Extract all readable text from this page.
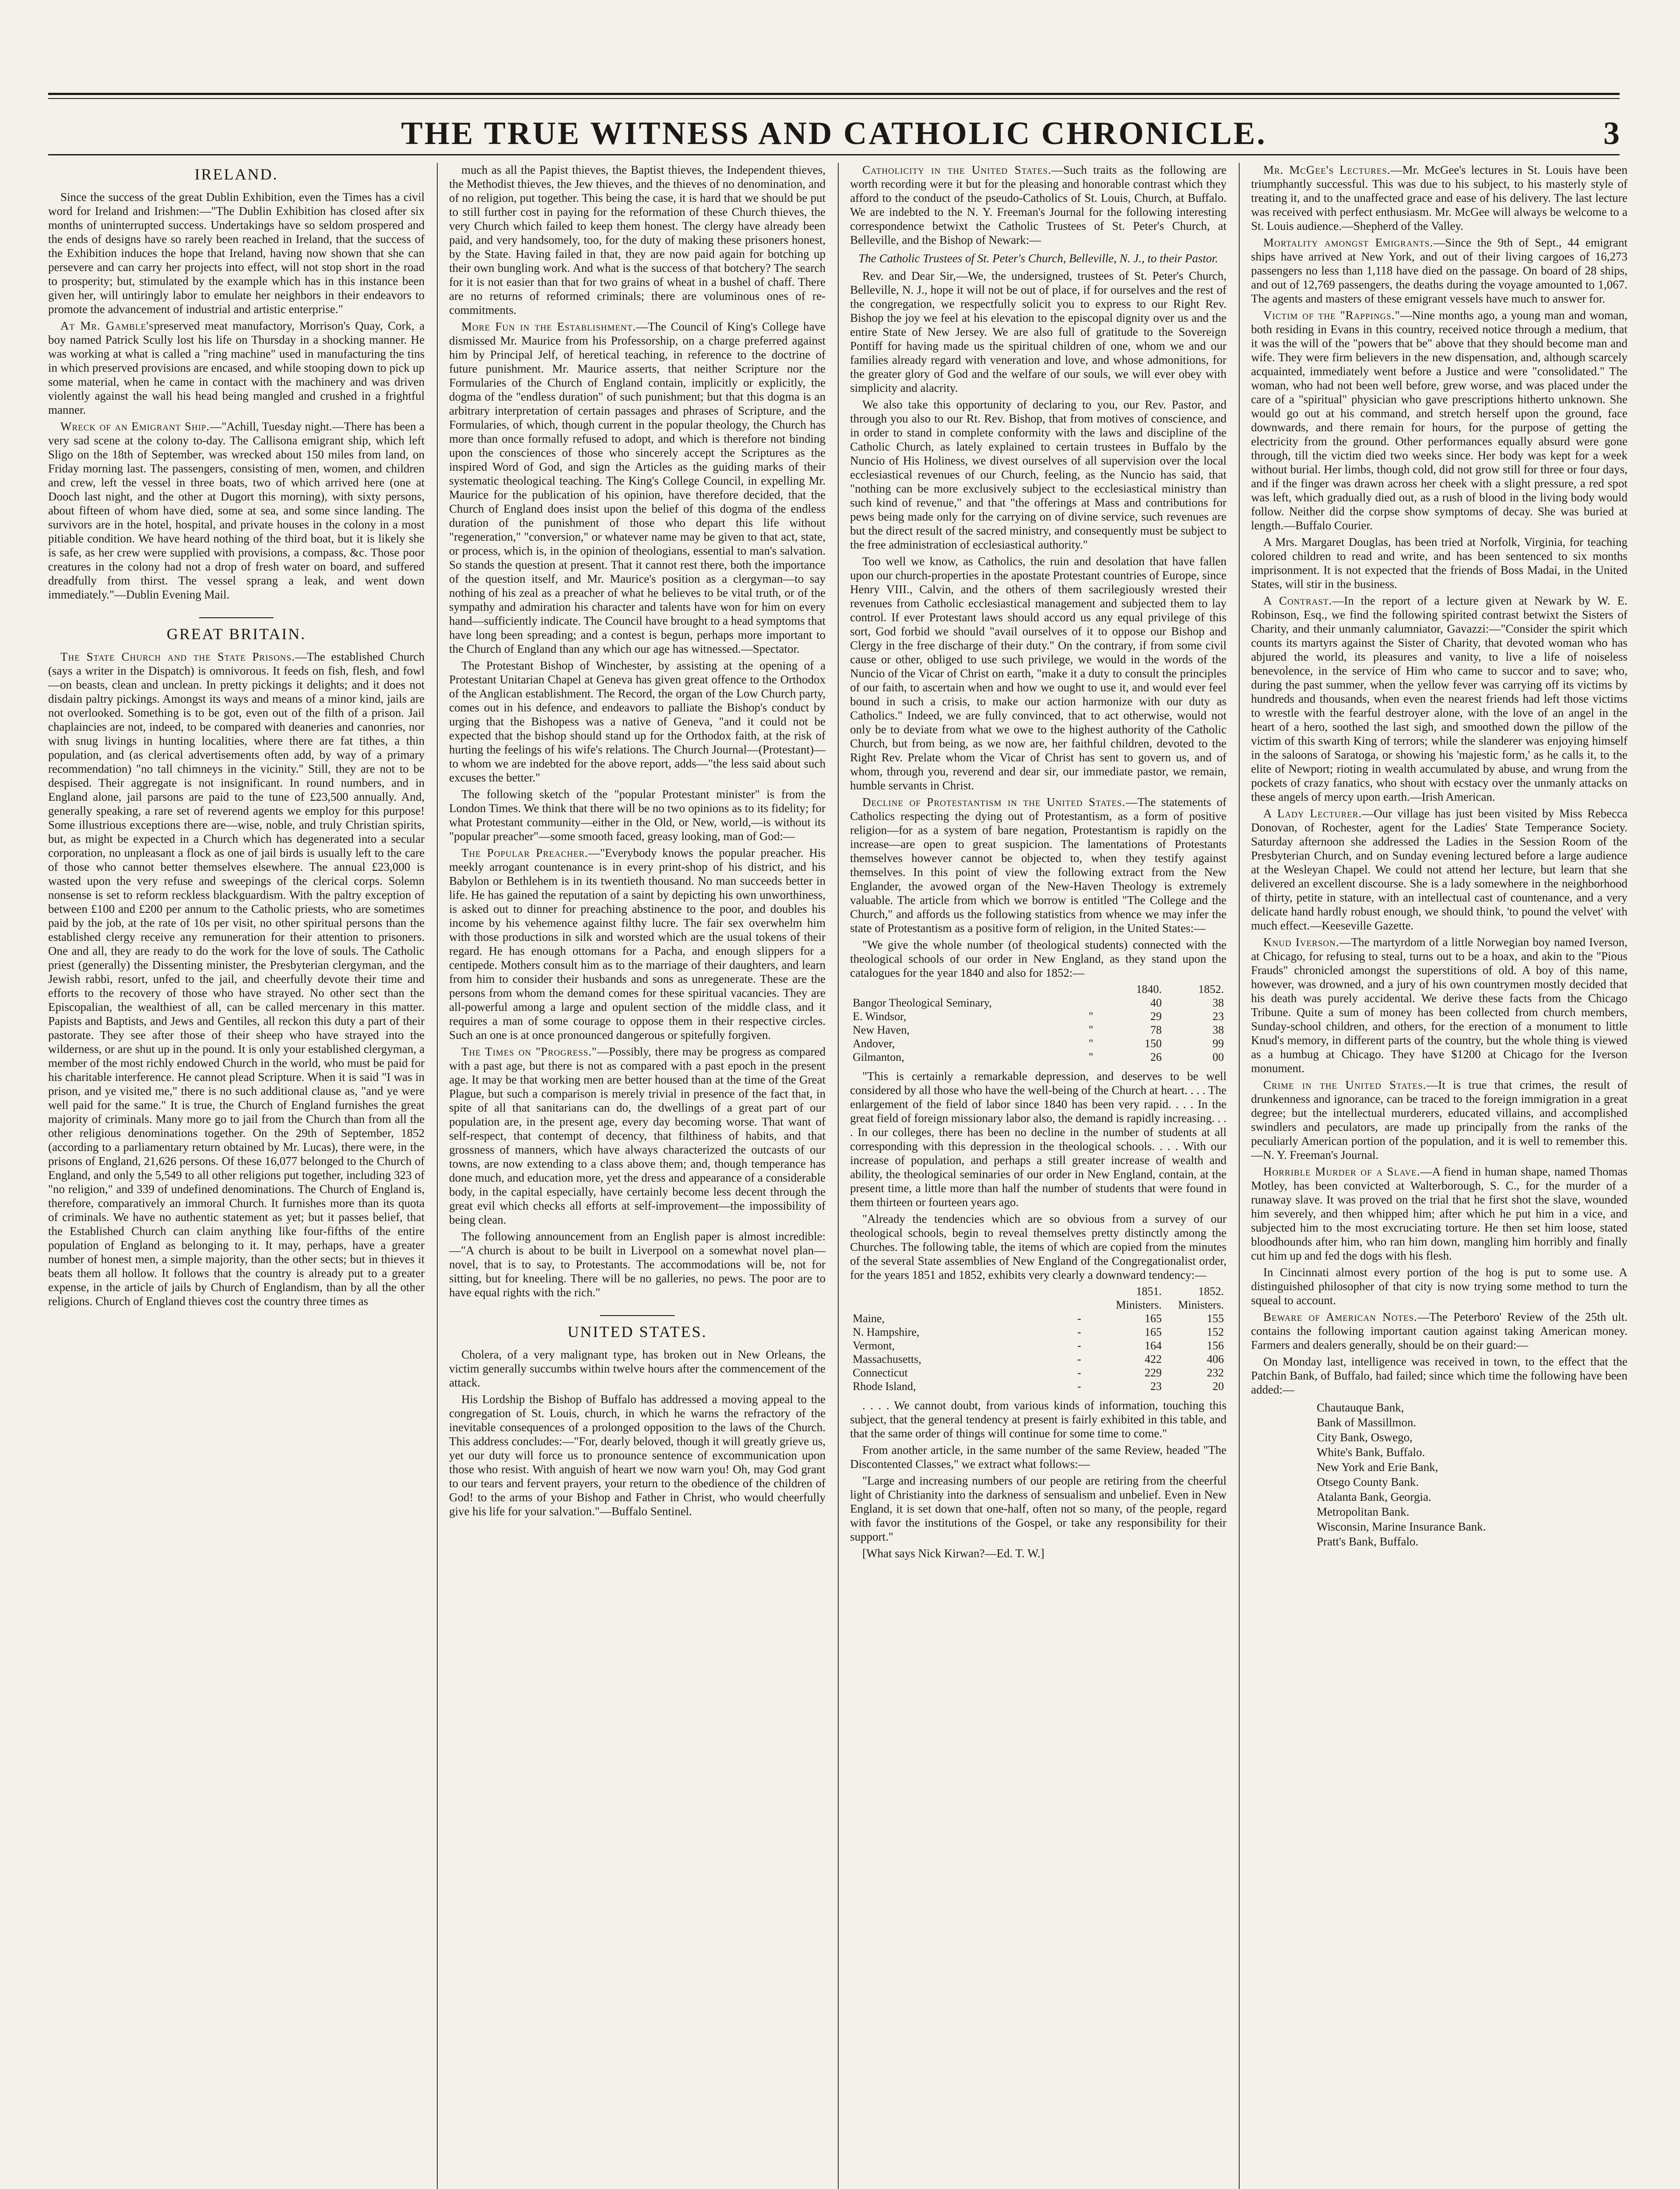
THE TRUE WITNESS AND CATHOLIC CHRONICLE.	3
IRELAND.

Since the success of the great Dublin Exhibition, even the Times has a civil word for Ireland and Irishmen:—"The Dublin Exhibition has closed after six months of uninterrupted success. Undertakings have so seldom prospered and the ends of designs have so rarely been reached in Ireland, that the success of the Exhibition induces the hope that Ireland, having now shown that she can persevere and can carry her projects into effect, will not stop short in the road to prosperity; but, stimulated by the example which has in this instance been given her, will untiringly labor to emulate her neighbors in their endeavors to promote the advancement of industrial and artistic enterprise."

At Mr. Gamble'spreserved meat manufactory, Morrison's Quay, Cork, a boy named Patrick Scully lost his life on Thursday in a shocking manner. He was working at what is called a "ring machine" used in manufacturing the tins in which preserved provisions are encased, and while stooping down to pick up some material, when he came in contact with the machinery and was driven violently against the wall his head being mangled and crushed in a frightful manner.

Wreck of an Emigrant Ship.—"Achill, Tuesday night.—There has been a very sad scene at the colony to-day. The Callisona emigrant ship, which left Sligo on the 18th of September, was wrecked about 150 miles from land, on Friday morning last. The passengers, consisting of men, women, and children and crew, left the vessel in three boats, two of which arrived here (one at Dooch last night, and the other at Dugort this morning), with sixty persons, about fifteen of whom have died, some at sea, and some since landing. The survivors are in the hotel, hospital, and private houses in the colony in a most pitiable condition. We have heard nothing of the third boat, but it is likely she is safe, as her crew were supplied with provisions, a compass, &c. Those poor creatures in the colony had not a drop of fresh water on board, and suffered dreadfully from thirst. The vessel sprang a leak, and went down immediately."—Dublin Evening Mail.

GREAT BRITAIN.

The State Church and the State Prisons.—The established Church (says a writer in the Dispatch) is omnivorous. It feeds on fish, flesh, and fowl—on beasts, clean and unclean. In pretty pickings it delights; and it does not disdain paltry pickings. Amongst its ways and means of a minor kind, jails are not overlooked. Something is to be got, even out of the filth of a prison. Jail chaplaincies are not, indeed, to be compared with deaneries and canonries, nor with snug livings in hunting localities, where there are fat tithes, a thin population, and (as clerical advertisements often add, by way of a primary recommendation) "no tall chimneys in the vicinity." Still, they are not to be despised. Their aggregate is not insignificant. In round numbers, and in England alone, jail parsons are paid to the tune of £23,500 annually. And, generally speaking, a rare set of reverend agents we employ for this purpose! Some illustrious exceptions there are—wise, noble, and truly Christian spirits, but, as might be expected in a Church which has degenerated into a secular corporation, no unpleasant a flock as one of jail birds is usually left to the care of those who cannot better themselves elsewhere. The annual £23,000 is wasted upon the very refuse and sweepings of the clerical corps. Solemn nonsense is set to reform reckless blackguardism. With the paltry exception of between £100 and £200 per annum to the Catholic priests, who are sometimes paid by the job, at the rate of 10s per visit, no other spiritual persons than the established clergy receive any remuneration for their attention to prisoners. One and all, they are ready to do the work for the love of souls. The Catholic priest (generally) the Dissenting minister, the Presbyterian clergyman, and the Jewish rabbi, resort, unfed to the jail, and cheerfully devote their time and efforts to the recovery of those who have strayed. No other sect than the Episcopalian, the wealthiest of all, can be called mercenary in this matter. Papists and Baptists, and Jews and Gentiles, all reckon this duty a part of their pastorate. They see after those of their sheep who have strayed into the wilderness, or are shut up in the pound. It is only your established clergyman, a member of the most richly endowed Church in the world, who must be paid for his charitable interference. He cannot plead Scripture. When it is said "I was in prison, and ye visited me," there is no such additional clause as, "and ye were well paid for the same." It is true, the Church of England furnishes the great majority of criminals. Many more go to jail from the Church than from all the other religious denominations together. On the 29th of September, 1852 (according to a parliamentary return obtained by Mr. Lucas), there were, in the prisons of England, 21,626 persons. Of these 16,077 belonged to the Church of England, and only the 5,549 to all other religions put together, including 323 of "no religion," and 339 of undefined denominations. The Church of England is, therefore, comparatively an immoral Church. It furnishes more than its quota of criminals. We have no authentic statement as yet; but it passes belief, that the Established Church can claim anything like four-fifths of the entire population of England as belonging to it. It may, perhaps, have a greater number of honest men, a simple majority, than the other sects; but in thieves it beats them all hollow. It follows that the country is already put to a greater expense, in the article of jails by Church of Englandism, than by all the other religions. Church of England thieves cost the country three times as

much as all the Papist thieves, the Baptist thieves, the Independent thieves, the Methodist thieves, the Jew thieves, and the thieves of no denomination, and of no religion, put together. This being the case, it is hard that we should be put to still further cost in paying for the reformation of these Church thieves, the very Church which failed to keep them honest. The clergy have already been paid, and very handsomely, too, for the duty of making these prisoners honest, by the State. Having failed in that, they are now paid again for botching up their own bungling work. And what is the success of that botchery? The search for it is not easier than that for two grains of wheat in a bushel of chaff. There are no returns of reformed criminals; there are voluminous ones of re-commitments.

More Fun in the Establishment.—The Council of King's College have dismissed Mr. Maurice from his Professorship, on a charge preferred against him by Principal Jelf, of heretical teaching, in reference to the doctrine of future punishment. Mr. Maurice asserts, that neither Scripture nor the Formularies of the Church of England contain, implicitly or explicitly, the dogma of the "endless duration" of such punishment; but that this dogma is an arbitrary interpretation of certain passages and phrases of Scripture, and the Formularies, of which, though current in the popular theology, the Church has more than once formally refused to adopt, and which is therefore not binding upon the consciences of those who sincerely accept the Scriptures as the inspired Word of God, and sign the Articles as the guiding marks of their systematic theological teaching. The King's College Council, in expelling Mr. Maurice for the publication of his opinion, have therefore decided, that the Church of England does insist upon the belief of this dogma of the endless duration of the punishment of those who depart this life without "regeneration," "conversion," or whatever name may be given to that act, state, or process, which is, in the opinion of theologians, essential to man's salvation. So stands the question at present. That it cannot rest there, both the importance of the question itself, and Mr. Maurice's position as a clergyman—to say nothing of his zeal as a preacher of what he believes to be vital truth, or of the sympathy and admiration his character and talents have won for him on every hand—sufficiently indicate. The Council have brought to a head symptoms that have long been spreading; and a contest is begun, perhaps more important to the Church of England than any which our age has witnessed.—Spectator.

The Protestant Bishop of Winchester, by assisting at the opening of a Protestant Unitarian Chapel at Geneva has given great offence to the Orthodox of the Anglican establishment. The Record, the organ of the Low Church party, comes out in his defence, and endeavors to palliate the Bishop's conduct by urging that the Bishopess was a native of Geneva, "and it could not be expected that the bishop should stand up for the Orthodox faith, at the risk of hurting the feelings of his wife's relations. The Church Journal—(Protestant)—to whom we are indebted for the above report, adds—"the less said about such excuses the better."

The following sketch of the "popular Protestant minister" is from the London Times. We think that there will be no two opinions as to its fidelity; for what Protestant community—either in the Old, or New, world,—is without its "popular preacher"—some smooth faced, greasy looking, man of God:—

The Popular Preacher.—"Everybody knows the popular preacher. His meekly arrogant countenance is in every print-shop of his district, and his Babylon or Bethlehem is in its twentieth thousand. No man succeeds better in life. He has gained the reputation of a saint by depicting his own unworthiness, is asked out to dinner for preaching abstinence to the poor, and doubles his income by his vehemence against filthy lucre. The fair sex overwhelm him with those productions in silk and worsted which are the usual tokens of their regard. He has enough ottomans for a Pacha, and enough slippers for a centipede. Mothers consult him as to the marriage of their daughters, and learn from him to consider their husbands and sons as unregenerate. These are the persons from whom the demand comes for these spiritual vacancies. They are all-powerful among a large and opulent section of the middle class, and it requires a man of some courage to oppose them in their respective circles. Such an one is at once pronounced dangerous or spitefully forgiven.

The Times on "Progress."—Possibly, there may be progress as compared with a past age, but there is not as compared with a past epoch in the present age. It may be that working men are better housed than at the time of the Great Plague, but such a comparison is merely trivial in presence of the fact that, in spite of all that sanitarians can do, the dwellings of a great part of our population are, in the present age, every day becoming worse. That want of self-respect, that contempt of decency, that filthiness of habits, and that grossness of manners, which have always characterized the outcasts of our towns, are now extending to a class above them; and, though temperance has done much, and education more, yet the dress and appearance of a considerable body, in the capital especially, have certainly become less decent through the great evil which checks all efforts at self-improvement—the impossibility of being clean.

The following announcement from an English paper is almost incredible:—"A church is about to be built in Liverpool on a somewhat novel plan—novel, that is to say, to Protestants. The accommodations will be, not for sitting, but for kneeling. There will be no galleries, no pews. The poor are to have equal rights with the rich."

UNITED STATES.

Cholera, of a very malignant type, has broken out in New Orleans, the victim generally succumbs within twelve hours after the commencement of the attack.

His Lordship the Bishop of Buffalo has addressed a moving appeal to the congregation of St. Louis, church, in which he warns the refractory of the inevitable consequences of a prolonged opposition to the laws of the Church. This address concludes:—"For, dearly beloved, though it will greatly grieve us, yet our duty will force us to pronounce sentence of excommunication upon those who resist. With anguish of heart we now warn you! Oh, may God grant to our tears and fervent prayers, your return to the obedience of the children of God! to the arms of your Bishop and Father in Christ, who would cheerfully give his life for your salvation."—Buffalo Sentinel.

Catholicity in the United States.—Such traits as the following are worth recording were it but for the pleasing and honorable contrast which they afford to the conduct of the pseudo-Catholics of St. Louis, Church, at Buffalo. We are indebted to the N. Y. Freeman's Journal for the following interesting correspondence betwixt the Catholic Trustees of St. Peter's Church, at Belleville, and the Bishop of Newark:—

The Catholic Trustees of St. Peter's Church, Belleville, N. J., to their Pastor.

Rev. and Dear Sir,—We, the undersigned, trustees of St. Peter's Church, Belleville, N. J., hope it will not be out of place, if for ourselves and the rest of the congregation, we respectfully solicit you to express to our Right Rev. Bishop the joy we feel at his elevation to the episcopal dignity over us and the entire State of New Jersey. We are also full of gratitude to the Sovereign Pontiff for having made us the spiritual children of one, whom we and our families already regard with veneration and love, and whose admonitions, for the greater glory of God and the welfare of our souls, we will ever obey with simplicity and alacrity.

We also take this opportunity of declaring to you, our Rev. Pastor, and through you also to our Rt. Rev. Bishop, that from motives of conscience, and in order to stand in complete conformity with the laws and discipline of the Catholic Church, as lately explained to certain trustees in Buffalo by the Nuncio of His Holiness, we divest ourselves of all supervision over the local ecclesiastical revenues of our Church, feeling, as the Nuncio has said, that "nothing can be more exclusively subject to the ecclesiastical ministry than such kind of revenue," and that "the offerings at Mass and contributions for pews being made only for the carrying on of divine service, such revenues are but the direct result of the sacred ministry, and consequently must be subject to the free administration of ecclesiastical authority."

Too well we know, as Catholics, the ruin and desolation that have fallen upon our church-properties in the apostate Protestant countries of Europe, since Henry VIII., Calvin, and the others of them sacrilegiously wrested their revenues from Catholic ecclesiastical management and subjected them to lay control. If ever Protestant laws should accord us any equal privilege of this sort, God forbid we should "avail ourselves of it to oppose our Bishop and Clergy in the free discharge of their duty." On the contrary, if from some civil cause or other, obliged to use such privilege, we would in the words of the Nuncio of the Vicar of Christ on earth, "make it a duty to consult the principles of our faith, to ascertain when and how we ought to use it, and would ever feel bound in such a crisis, to make our action harmonize with our duty as Catholics." Indeed, we are fully convinced, that to act otherwise, would not only be to deviate from what we owe to the highest authority of the Catholic Church, but from being, as we now are, her faithful children, devoted to the Right Rev. Prelate whom the Vicar of Christ has sent to govern us, and of whom, through you, reverend and dear sir, our immediate pastor, we remain, humble servants in Christ.

Decline of Protestantism in the United States.—The statements of Catholics respecting the dying out of Protestantism, as a form of positive religion—for as a system of bare negation, Protestantism is rapidly on the increase—are open to great suspicion. The lamentations of Protestants themselves however cannot be objected to, when they testify against themselves. In this point of view the following extract from the New Englander, the avowed organ of the New-Haven Theology is extremely valuable. The article from which we borrow is entitled "The College and the Church," and affords us the following statistics from whence we may infer the state of Protestantism as a positive form of religion, in the United States:—

"We give the whole number (of theological students) connected with the theological schools of our order in New England, as they stand upon the catalogues for the year 1840 and also for 1852:—

		1840.	1852.
Bangor Theological Seminary,		40	38
E. Windsor,	"	29	23
New Haven,	"	78	38
Andover,	"	150	99
Gilmanton,	"	26	00

"This is certainly a remarkable depression, and deserves to be well considered by all those who have the well-being of the Church at heart. . . . The enlargement of the field of labor since 1840 has been very rapid. . . . In the great field of foreign missionary labor also, the demand is rapidly increasing. . . . In our colleges, there has been no decline in the number of students at all corresponding with this depression in the theological schools. . . . With our increase of population, and perhaps a still greater increase of wealth and ability, the theological seminaries of our order in New England, contain, at the present time, a little more than half the number of students that were found in them thirteen or fourteen years ago.

"Already the tendencies which are so obvious from a survey of our theological schools, begin to reveal themselves pretty distinctly among the Churches. The following table, the items of which are copied from the minutes of the several State assemblies of New England of the Congregationalist order, for the years 1851 and 1852, exhibits very clearly a downward tendency:—

		1851. Ministers.	1852. Ministers.
Maine,	-	165	155
N. Hampshire,	-	165	152
Vermont,	-	164	156
Massachusetts,	-	422	406
Connecticut	-	229	232
Rhode Island,	-	23	20

. . . . We cannot doubt, from various kinds of information, touching this subject, that the general tendency at present is fairly exhibited in this table, and that the same order of things will continue for some time to come."

From another article, in the same number of the same Review, headed "The Discontented Classes," we extract what follows:—

"Large and increasing numbers of our people are retiring from the cheerful light of Christianity into the darkness of sensualism and unbelief. Even in New England, it is set down that one-half, often not so many, of the people, regard with favor the institutions of the Gospel, or take any responsibility for their support."

[What says Nick Kirwan?—Ed. T. W.]

Mr. McGee's Lectures.—Mr. McGee's lectures in St. Louis have been triumphantly successful. This was due to his subject, to his masterly style of treating it, and to the unaffected grace and ease of his delivery. The last lecture was received with perfect enthusiasm. Mr. McGee will always be welcome to a St. Louis audience.—Shepherd of the Valley.

Mortality amongst Emigrants.—Since the 9th of Sept., 44 emigrant ships have arrived at New York, and out of their living cargoes of 16,273 passengers no less than 1,118 have died on the passage. On board of 28 ships, and out of 12,769 passengers, the deaths during the voyage amounted to 1,067. The agents and masters of these emigrant vessels have much to answer for.

Victim of the "Rappings."—Nine months ago, a young man and woman, both residing in Evans in this country, received notice through a medium, that it was the will of the "powers that be" above that they should become man and wife. They were firm believers in the new dispensation, and, although scarcely acquainted, immediately went before a Justice and were "consolidated." The woman, who had not been well before, grew worse, and was placed under the care of a "spiritual" physician who gave prescriptions hitherto unknown. She would go out at his command, and stretch herself upon the ground, face downwards, and there remain for hours, for the purpose of getting the electricity from the ground. Other performances equally absurd were gone through, till the victim died two weeks since. Her body was kept for a week without burial. Her limbs, though cold, did not grow still for three or four days, and if the finger was drawn across her cheek with a slight pressure, a red spot was left, which gradually died out, as a rush of blood in the living body would follow. Neither did the corpse show symptoms of decay. She was buried at length.—Buffalo Courier.

A Mrs. Margaret Douglas, has been tried at Norfolk, Virginia, for teaching colored children to read and write, and has been sentenced to six months imprisonment. It is not expected that the friends of Boss Madai, in the United States, will stir in the business.

A Contrast.—In the report of a lecture given at Newark by W. E. Robinson, Esq., we find the following spirited contrast betwixt the Sisters of Charity, and their unmanly calumniator, Gavazzi:—"Consider the spirit which counts its martyrs against the Sister of Charity, that devoted woman who has abjured the world, its pleasures and vanity, to live a life of noiseless benevolence, in the service of Him who came to succor and to save; who, during the past summer, when the yellow fever was carrying off its victims by hundreds and thousands, when even the nearest friends had left those victims to wrestle with the fearful destroyer alone, with the love of an angel in the heart of a hero, soothed the last sigh, and smoothed down the pillow of the victim of this swarth King of terrors; while the slanderer was enjoying himself in the saloons of Saratoga, or showing his 'majestic form,' as he calls it, to the elite of Newport; rioting in wealth accumulated by abuse, and wrung from the pockets of crazy fanatics, who shout with ecstacy over the unmanly attacks on these angels of mercy upon earth.—Irish American.

A Lady Lecturer.—Our village has just been visited by Miss Rebecca Donovan, of Rochester, agent for the Ladies' State Temperance Society. Saturday afternoon she addressed the Ladies in the Session Room of the Presbyterian Church, and on Sunday evening lectured before a large audience at the Wesleyan Chapel. We could not attend her lecture, but learn that she delivered an excellent discourse. She is a lady somewhere in the neighborhood of thirty, petite in stature, with an intellectual cast of countenance, and a very delicate hand hardly robust enough, we should think, 'to pound the velvet' with much effect.—Keeseville Gazette.

Knud Iverson.—The martyrdom of a little Norwegian boy named Iverson, at Chicago, for refusing to steal, turns out to be a hoax, and akin to the "Pious Frauds" chronicled amongst the superstitions of old. A boy of this name, however, was drowned, and a jury of his own countrymen mostly decided that his death was purely accidental. We derive these facts from the Chicago Tribune. Quite a sum of money has been collected from church members, Sunday-school children, and others, for the erection of a monument to little Knud's memory, in different parts of the country, but the whole thing is viewed as a humbug at Chicago. They have $1200 at Chicago for the Iverson monument.

Crime in the United States.—It is true that crimes, the result of drunkenness and ignorance, can be traced to the foreign immigration in a great degree; but the intellectual murderers, educated villains, and accomplished swindlers and peculators, are made up principally from the ranks of the peculiarly American portion of the population, and it is well to remember this.—N. Y. Freeman's Journal.

Horrible Murder of a Slave.—A fiend in human shape, named Thomas Motley, has been convicted at Walterborough, S. C., for the murder of a runaway slave. It was proved on the trial that he first shot the slave, wounded him severely, and then whipped him; after which he put him in a vice, and subjected him to the most excruciating torture. He then set him loose, stated bloodhounds after him, who ran him down, mangling him horribly and finally cut him up and fed the dogs with his flesh.

In Cincinnati almost every portion of the hog is put to some use. A distinguished philosopher of that city is now trying some method to turn the squeal to account.

Beware of American Notes.—The Peterboro' Review of the 25th ult. contains the following important caution against taking American money. Farmers and dealers generally, should be on their guard:—

On Monday last, intelligence was received in town, to the effect that the Patchin Bank, of Buffalo, had failed; since which time the following have been added:—

Chautauque Bank,
Bank of Massillmon.
City Bank, Oswego,
White's Bank, Buffalo.
New York and Erie Bank,
Otsego County Bank.
Atalanta Bank, Georgia.
Metropolitan Bank.
Wisconsin, Marine Insurance Bank.
Pratt's Bank, Buffalo.
